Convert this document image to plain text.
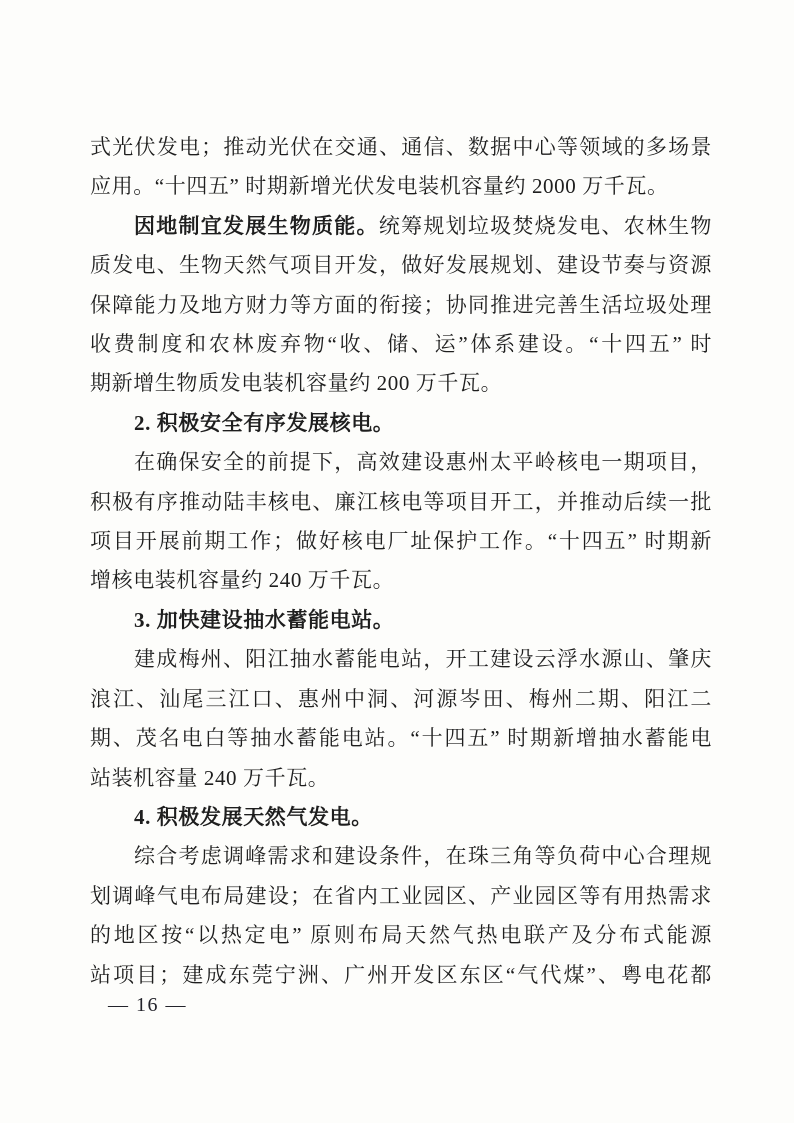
式光伏发电；推动光伏在交通、通信、数据中心等领域的多场景
应用。“十四五” 时期新增光伏发电装机容量约 2000 万千瓦。
因地制宜发展生物质能。统筹规划垃圾焚烧发电、农林生物
质发电、生物天然气项目开发，做好发展规划、建设节奏与资源
保障能力及地方财力等方面的衔接；协同推进完善生活垃圾处理
收费制度和农林废弃物“收、储、运”体系建设。“十四五” 时
期新增生物质发电装机容量约 200 万千瓦。
2. 积极安全有序发展核电。
在确保安全的前提下，高效建设惠州太平岭核电一期项目，
积极有序推动陆丰核电、廉江核电等项目开工，并推动后续一批
项目开展前期工作；做好核电厂址保护工作。“十四五” 时期新
增核电装机容量约 240 万千瓦。
3. 加快建设抽水蓄能电站。
建成梅州、阳江抽水蓄能电站，开工建设云浮水源山、肇庆
浪江、汕尾三江口、惠州中洞、河源岑田、梅州二期、阳江二
期、茂名电白等抽水蓄能电站。“十四五” 时期新增抽水蓄能电
站装机容量 240 万千瓦。
4. 积极发展天然气发电。
综合考虑调峰需求和建设条件，在珠三角等负荷中心合理规
划调峰气电布局建设；在省内工业园区、产业园区等有用热需求
的地区按“以热定电” 原则布局天然气热电联产及分布式能源
站项目；建成东莞宁洲、广州开发区东区“气代煤”、粤电花都
— 16 —
